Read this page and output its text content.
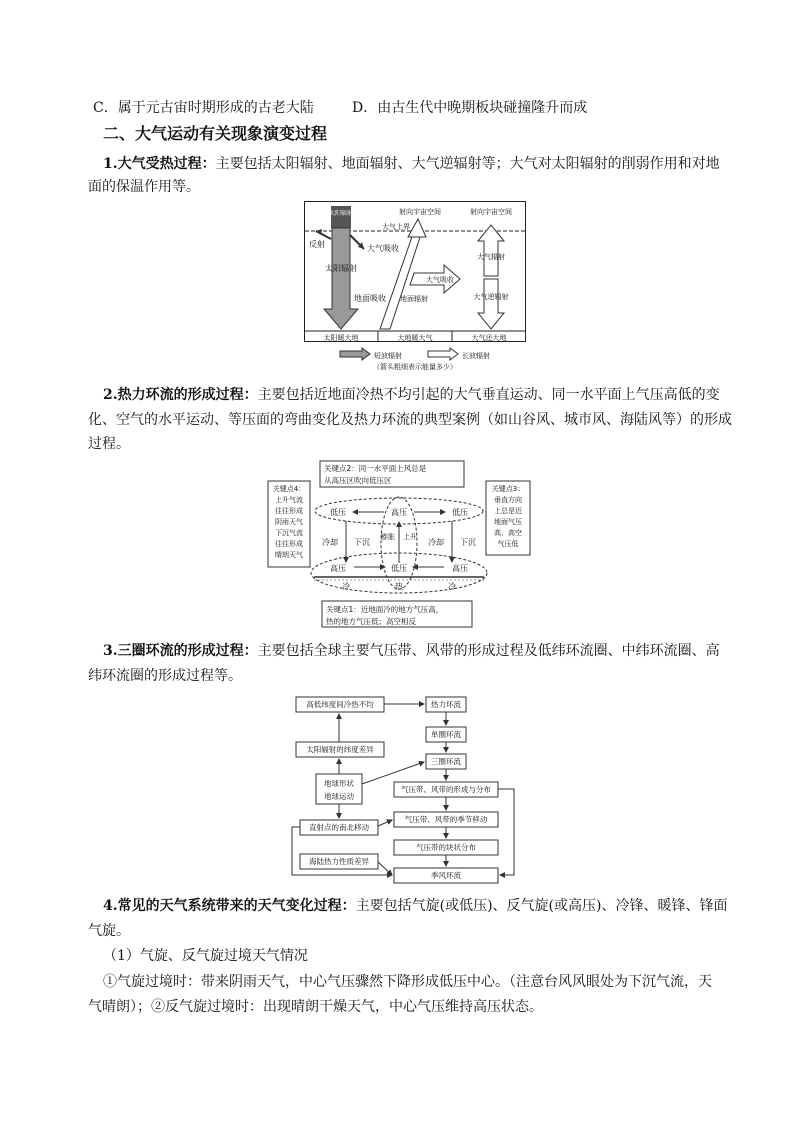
C．属于元古宙时期形成的古老大陆	D．由古生代中晚期板块碰撞隆升而成
二、大气运动有关现象演变过程
1.大气受热过程：主要包括太阳辐射、地面辐射、大气逆辐射等；大气对太阳辐射的削弱作用和对地
面的保温作用等。
太阳辐射	射向宇宙空间	射向宇宙空间
大气上界
太阳辐射
反射	大气吸收
地面吸收 地面辐射
大气吸收
大气辐射
大气逆辐射
太阳暖大地	大地暖大气	大气还大地
短波辐射	长波辐射
（箭头粗细表示能量多少）
2.热力环流的形成过程：主要包括近地面冷热不均引起的大气垂直运动、同一水平面上气压高低的变
化、空气的水平运动、等压面的弯曲变化及热力环流的典型案例（如山谷风、城市风、海陆风等）的形成
过程。
关键点2：同一水平面上风总是
从高压区吹向低压区
关键点4：
上升气流
往往形成
阴雨天气
下沉气流
往往形成
晴朗天气
关键点3：
垂直方向
上总是近
地面气压
高，高空
气压低
低压	高压	低压
冷却 下沉
膨胀 上升
冷却 下沉
高压	低压	高压
冷	热	冷
关键点1：近地面冷的地方气压高，
热的地方气压低；高空相反
3.三圈环流的形成过程：主要包括全球主要气压带、风带的形成过程及低纬环流圈、中纬环流圈、高
纬环流圈的形成过程等。
高低纬度间冷热不均	热力环流
单圈环流
太阳辐射的纬度差异
三圈环流
地球形状
地球运动
气压带、风带的形成与分布
直射点的南北移动
气压带、风带的季节移动
气压带的块状分布
海陆热力性质差异
季风环流
4.常见的天气系统带来的天气变化过程：主要包括气旋(或低压)、反气旋(或高压)、冷锋、暖锋、锋面
气旋。
（1）气旋、反气旋过境天气情况
①气旋过境时：带来阴雨天气，中心气压骤然下降形成低压中心。（注意台风风眼处为下沉气流，天
气晴朗）；②反气旋过境时：出现晴朗干燥天气，中心气压维持高压状态。
